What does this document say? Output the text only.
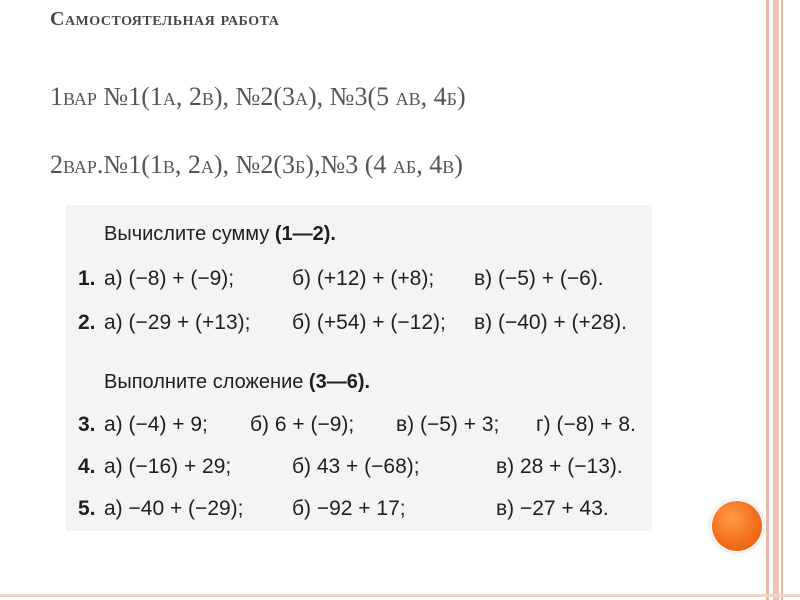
Самостоятельная работа
1вар №1(1а, 2в), №2(3а), №3(5 ав, 4б)
2вар.№1(1в, 2а), №2(3б),№3 (4 аб, 4в)
Вычислите сумму (1—2).
1. а) (−8) + (−9);	б) (+12) + (+8); в) (−5) + (−6).
2. а) (−29 + (+13); б) (+54) + (−12); в) (−40) + (+28).
Выполните сложение (3—6).
3. а) (−4) + 9; б) 6 + (−9); в) (−5) + 3; г) (−8) + 8.
4. а) (−16) + 29;	б) 43 + (−68);	в) 28 + (−13).
5. а) −40 + (−29); б) −92 + 17;	в) −27 + 43.
